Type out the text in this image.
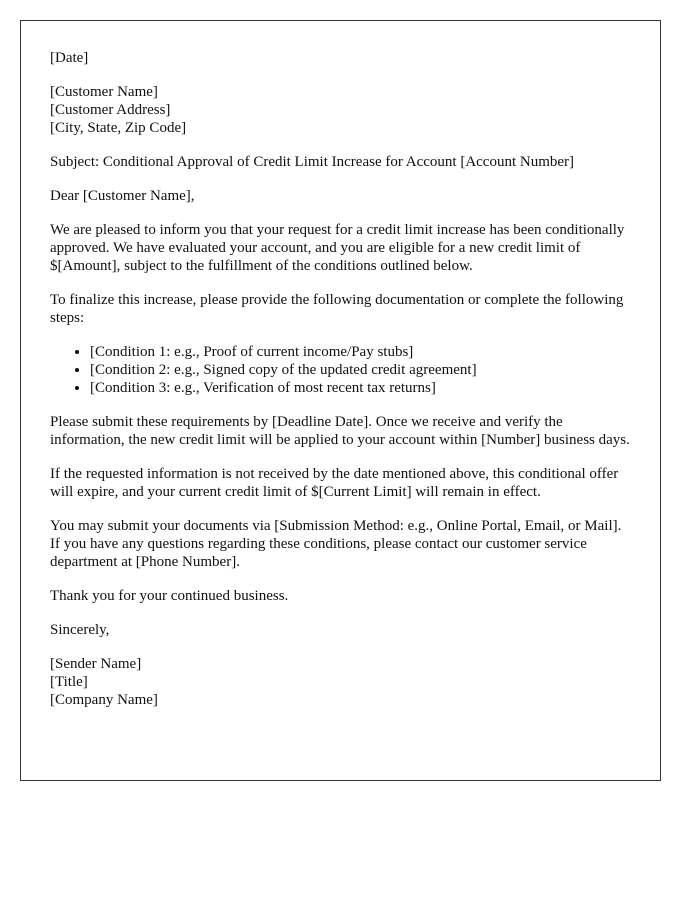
[Date]

[Customer Name]
[Customer Address]
[City, State, Zip Code]

Subject: Conditional Approval of Credit Limit Increase for Account [Account Number]

Dear [Customer Name],

We are pleased to inform you that your request for a credit limit increase has been conditionally approved. We have evaluated your account, and you are eligible for a new credit limit of $[Amount], subject to the fulfillment of the conditions outlined below.

To finalize this increase, please provide the following documentation or complete the following steps:

• [Condition 1: e.g., Proof of current income/Pay stubs]
• [Condition 2: e.g., Signed copy of the updated credit agreement]
• [Condition 3: e.g., Verification of most recent tax returns]

Please submit these requirements by [Deadline Date]. Once we receive and verify the information, the new credit limit will be applied to your account within [Number] business days.

If the requested information is not received by the date mentioned above, this conditional offer will expire, and your current credit limit of $[Current Limit] will remain in effect.

You may submit your documents via [Submission Method: e.g., Online Portal, Email, or Mail]. If you have any questions regarding these conditions, please contact our customer service department at [Phone Number].

Thank you for your continued business.

Sincerely,

[Sender Name]
[Title]
[Company Name]
